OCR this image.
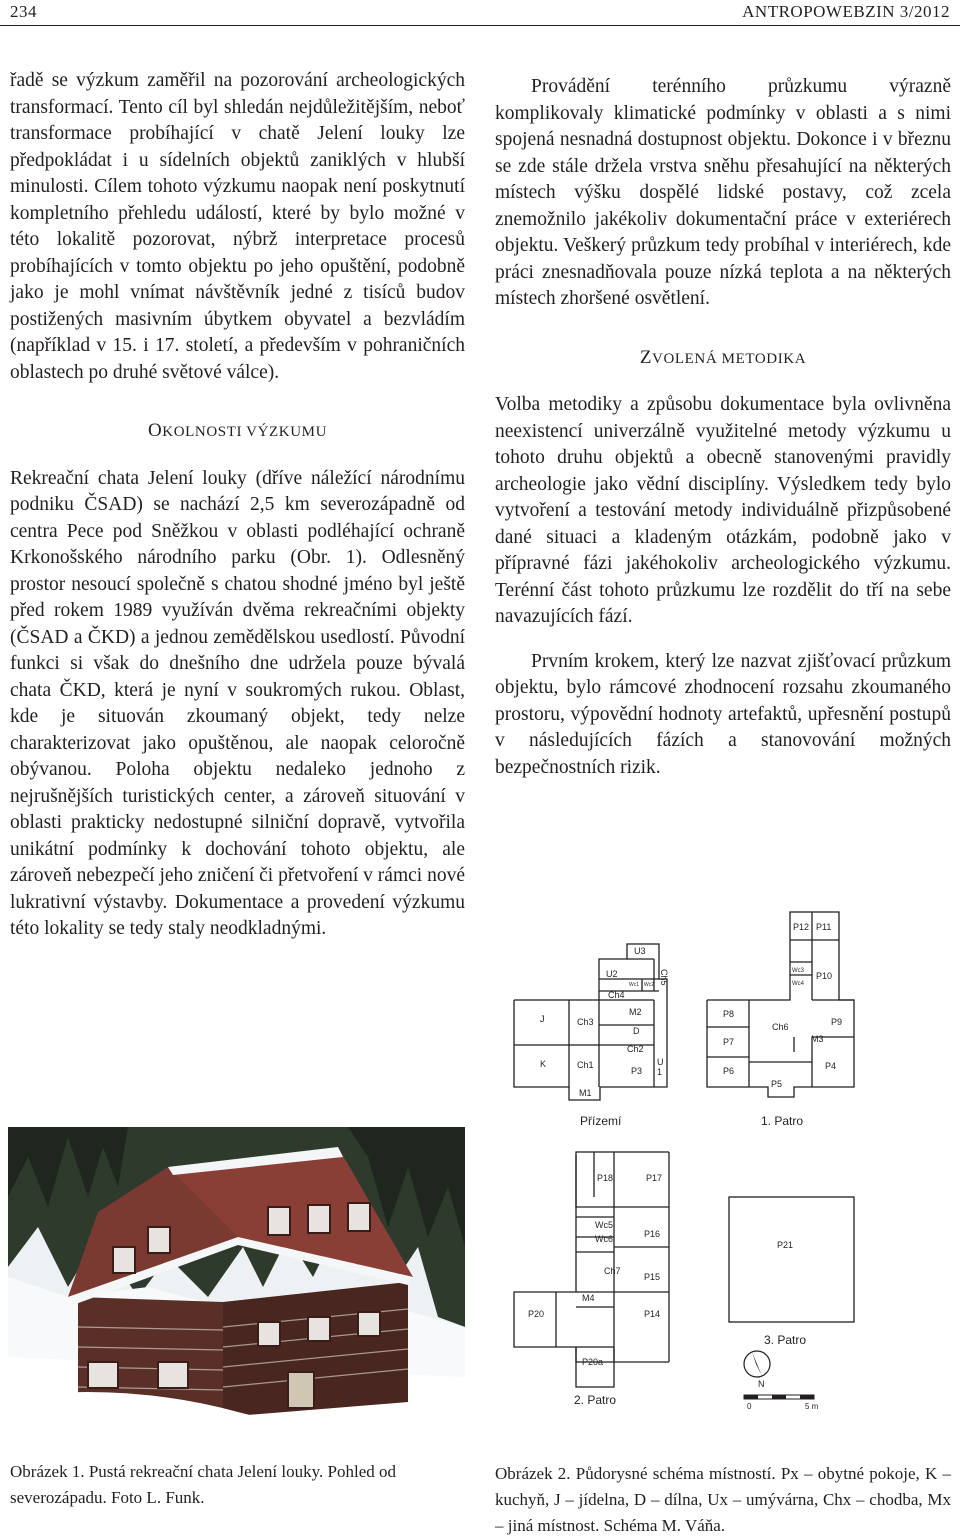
234	ANTROPOWEBZIN 3/2012

řadě se výzkum zaměřil na pozorování archeologických transformací. Tento cíl byl shledán nejdůležitějším, neboť transformace probíhající v chatě Jelení louky lze předpokládat i u sídelních objektů zaniklých v hlubší minulosti. Cílem tohoto výzkumu naopak není poskytnutí kompletního přehledu událostí, které by bylo možné v této lokalitě pozorovat, nýbrž interpretace procesů probíhajících v tomto objektu po jeho opuštění, podobně jako je mohl vnímat návštěvník jedné z tisíců budov postižených masivním úbytkem obyvatel a bezvládím (například v 15. i 17. století, a především v pohraničních oblastech po druhé světové válce).

OKOLNOSTI VÝZKUMU

Rekreační chata Jelení louky (dříve náležící národnímu podniku ČSAD) se nachází 2,5 km severozápadně od centra Pece pod Sněžkou v oblasti podléhající ochraně Krkonošského národního parku (Obr. 1). Odlesněný prostor nesoucí společně s chatou shodné jméno byl ještě před rokem 1989 využíván dvěma rekreačními objekty (ČSAD a ČKD) a jednou zemědělskou usedlostí. Původní funkci si však do dnešního dne udržela pouze bývalá chata ČKD, která je nyní v soukromých rukou. Oblast, kde je situován zkoumaný objekt, tedy nelze charakterizovat jako opuštěnou, ale naopak celoročně obývanou. Poloha objektu nedaleko jednoho z nejrušnějších turistických center, a zároveň situování v oblasti prakticky nedostupné silniční dopravě, vytvořila unikátní podmínky k dochování tohoto objektu, ale zároveň nebezpečí jeho zničení či přetvoření v rámci nové lukrativní výstavby. Dokumentace a provedení výzkumu této lokality se tedy staly neodkladnými.

Provádění terénního průzkumu výrazně komplikovaly klimatické podmínky v oblasti a s nimi spojená nesnadná dostupnost objektu. Dokonce i v březnu se zde stále držela vrstva sněhu přesahující na některých místech výšku dospělé lidské postavy, což zcela znemožnilo jakékoliv dokumentační práce v exteriérech objektu. Veškerý průzkum tedy probíhal v interiérech, kde práci znesnadňovala pouze nízká teplota a na některých místech zhoršené osvětlení.

ZVOLENÁ METODIKA

Volba metodiky a způsobu dokumentace byla ovlivněna neexistencí univerzálně využitelné metody výzkumu u tohoto druhu objektů a obecně stanovenými pravidly archeologie jako vědní disciplíny. Výsledkem tedy bylo vytvoření a testování metody individuálně přizpůsobené dané situaci a kladeným otázkám, podobně jako v přípravné fázi jakéhokoliv archeologického výzkumu. Terénní část tohoto průzkumu lze rozdělit do tří na sebe navazujících fází.

Prvním krokem, který lze nazvat zjišťovací průzkum objektu, bylo rámcové zhodnocení rozsahu zkoumaného prostoru, výpovědní hodnoty artefaktů, upřesnění postupů v následujících fázích a stanovování možných bezpečnostních rizik.

J
K
Ch3
Ch1
M1
U3
U2
Ch4
Ch5
M2
D
Ch2
P3
U
1
Wc1 Wc2
P12 P11
Wc3
Wc4
P10
P8
Ch6	P9
P7	M3
P6
P5
P4
P18	P17
Wc5
Wc6	P16
Ch7
P15
M4
P20	P14
P20a
P21
Přízemí	1. Patro
2. Patro
3. Patro
N
0	5 m
Obrázek 1. Pustá rekreační chata Jelení louky. Pohled od severozápadu. Foto L. Funk.
Obrázek 2. Půdorysné schéma místností. Px – obytné pokoje, K – kuchyň, J – jídelna, D – dílna, Ux – umývárna, Chx – chodba, Mx – jiná místnost. Schéma M. Váňa.
